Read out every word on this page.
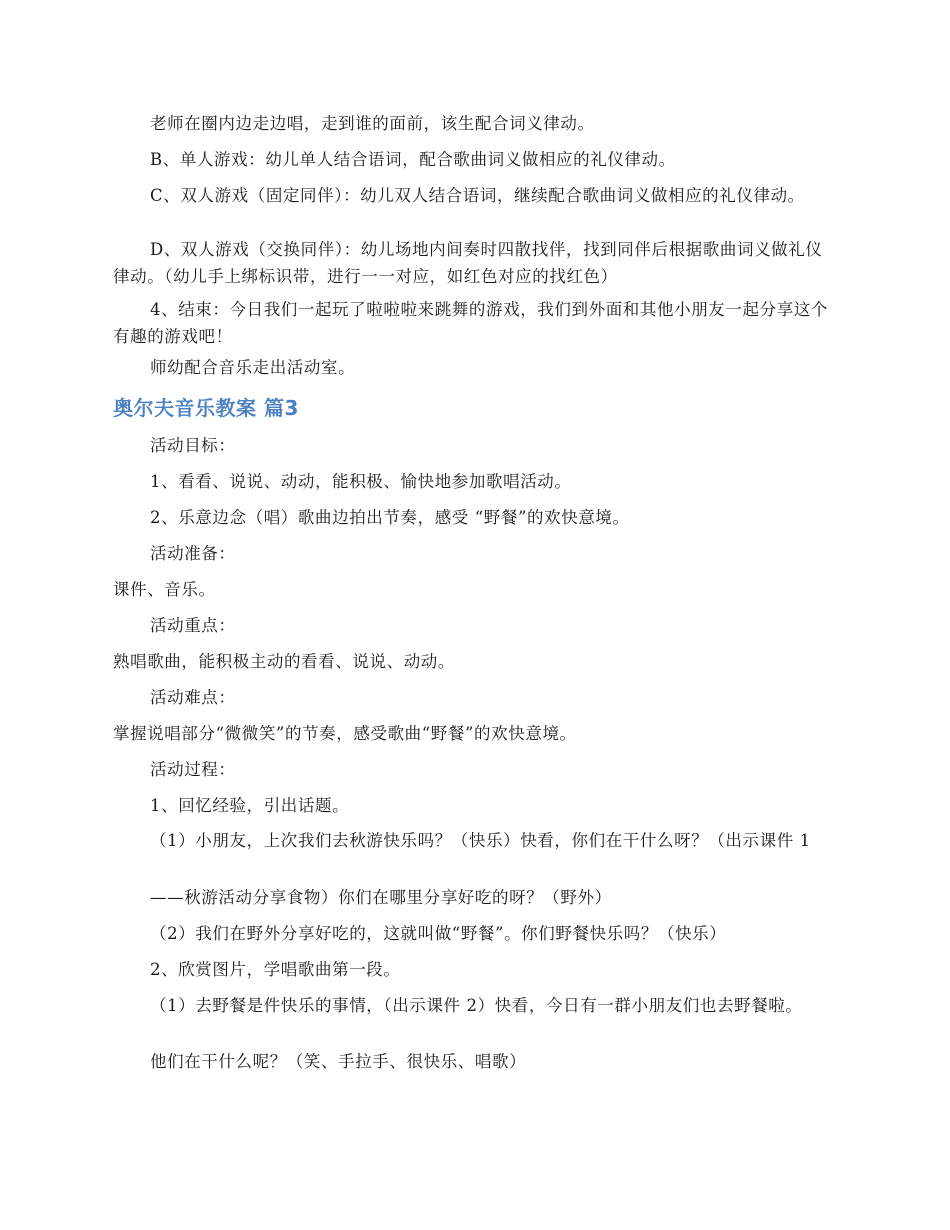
老师在圈内边走边唱，走到谁的面前，该生配合词义律动。

B、单人游戏：幼儿单人结合语词，配合歌曲词义做相应的礼仪律动。

C、双人游戏（固定同伴）：幼儿双人结合语词，继续配合歌曲词义做相应的礼仪律动。

D、双人游戏（交换同伴）：幼儿场地内间奏时四散找伴，找到同伴后根据歌曲词义做礼仪律动。（幼儿手上绑标识带，进行一一对应，如红色对应的找红色）

4、结束：今日我们一起玩了啦啦啦来跳舞的游戏，我们到外面和其他小朋友一起分享这个有趣的游戏吧！

师幼配合音乐走出活动室。

奥尔夫音乐教案 篇3

活动目标：

1、看看、说说、动动，能积极、愉快地参加歌唱活动。

2、乐意边念（唱）歌曲边拍出节奏，感受 “野餐”的欢快意境。

活动准备：

课件、音乐。

活动重点：

熟唱歌曲，能积极主动的看看、说说、动动。

活动难点：

掌握说唱部分“微微笑”的节奏，感受歌曲“野餐”的欢快意境。

活动过程：

1、回忆经验，引出话题。

（1）小朋友，上次我们去秋游快乐吗？（快乐）快看，你们在干什么呀？（出示课件 1

——秋游活动分享食物）你们在哪里分享好吃的呀？（野外）

（2）我们在野外分享好吃的，这就叫做“野餐”。你们野餐快乐吗？（快乐）

2、欣赏图片，学唱歌曲第一段。

（1）去野餐是件快乐的事情，（出示课件 2）快看，今日有一群小朋友们也去野餐啦。

他们在干什么呢？（笑、手拉手、很快乐、唱歌）
